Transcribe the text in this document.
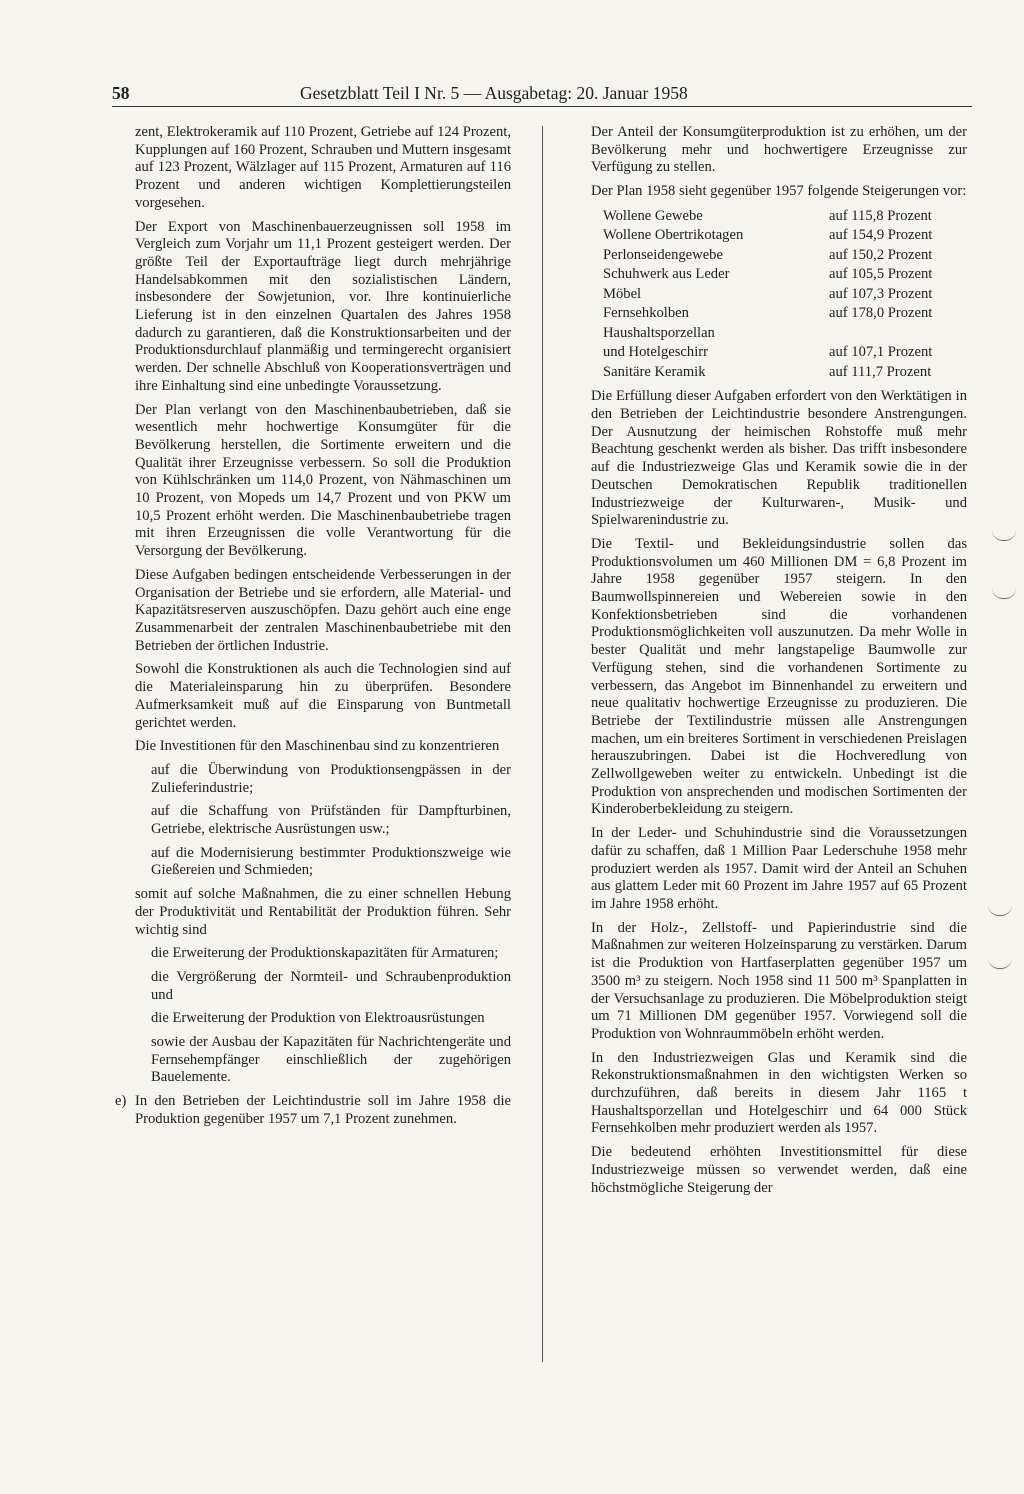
58	Gesetzblatt Teil I Nr. 5 — Ausgabetag: 20. Januar 1958

zent, Elektrokeramik auf 110 Prozent, Getriebe auf 124 Prozent, Kupplungen auf 160 Prozent, Schrauben und Muttern insgesamt auf 123 Prozent, Wälzlager auf 115 Prozent, Armaturen auf 116 Prozent und anderen wichtigen Komplettierungsteilen vorgesehen.

Der Export von Maschinenbauerzeugnissen soll 1958 im Vergleich zum Vorjahr um 11,1 Prozent gesteigert werden. Der größte Teil der Exportaufträge liegt durch mehrjährige Handelsabkommen mit den sozialistischen Ländern, insbesondere der Sowjetunion, vor. Ihre kontinuierliche Lieferung ist in den einzelnen Quartalen des Jahres 1958 dadurch zu garantieren, daß die Konstruktionsarbeiten und der Produktionsdurchlauf planmäßig und termingerecht organisiert werden. Der schnelle Abschluß von Kooperationsverträgen und ihre Einhaltung sind eine unbedingte Voraussetzung.

Der Plan verlangt von den Maschinenbaubetrieben, daß sie wesentlich mehr hochwertige Konsumgüter für die Bevölkerung herstellen, die Sortimente erweitern und die Qualität ihrer Erzeugnisse verbessern. So soll die Produktion von Kühlschränken um 114,0 Prozent, von Nähmaschinen um 10 Prozent, von Mopeds um 14,7 Prozent und von PKW um 10,5 Prozent erhöht werden. Die Maschinenbaubetriebe tragen mit ihren Erzeugnissen die volle Verantwortung für die Versorgung der Bevölkerung.

Diese Aufgaben bedingen entscheidende Verbesserungen in der Organisation der Betriebe und sie erfordern, alle Material- und Kapazitätsreserven auszuschöpfen. Dazu gehört auch eine enge Zusammenarbeit der zentralen Maschinenbaubetriebe mit den Betrieben der örtlichen Industrie.

Sowohl die Konstruktionen als auch die Technologien sind auf die Materialeinsparung hin zu überprüfen. Besondere Aufmerksamkeit muß auf die Einsparung von Buntmetall gerichtet werden.

Die Investitionen für den Maschinenbau sind zu konzentrieren

auf die Überwindung von Produktionsengpässen in der Zulieferindustrie;

auf die Schaffung von Prüfständen für Dampfturbinen, Getriebe, elektrische Ausrüstungen usw.;

auf die Modernisierung bestimmter Produktionszweige wie Gießereien und Schmieden;

somit auf solche Maßnahmen, die zu einer schnellen Hebung der Produktivität und Rentabilität der Produktion führen. Sehr wichtig sind

die Erweiterung der Produktionskapazitäten für Armaturen;

die Vergrößerung der Normteil- und Schraubenproduktion und

die Erweiterung der Produktion von Elektroausrüstungen

sowie der Ausbau der Kapazitäten für Nachrichtengeräte und Fernsehempfänger einschließlich der zugehörigen Bauelemente.

e) In den Betrieben der Leichtindustrie soll im Jahre 1958 die Produktion gegenüber 1957 um 7,1 Prozent zunehmen.

Der Anteil der Konsumgüterproduktion ist zu erhöhen, um der Bevölkerung mehr und hochwertigere Erzeugnisse zur Verfügung zu stellen.

Der Plan 1958 sieht gegenüber 1957 folgende Steigerungen vor:

Wollene Gewebe	auf 115,8 Prozent
Wollene Obertrikotagen	auf 154,9 Prozent
Perlonseidengewebe	auf 150,2 Prozent
Schuhwerk aus Leder	auf 105,5 Prozent
Möbel	auf 107,3 Prozent
Fernsehkolben	auf 178,0 Prozent
Haushaltsporzellan	
und Hotelgeschirr	auf 107,1 Prozent
Sanitäre Keramik	auf 111,7 Prozent

Die Erfüllung dieser Aufgaben erfordert von den Werktätigen in den Betrieben der Leichtindustrie besondere Anstrengungen. Der Ausnutzung der heimischen Rohstoffe muß mehr Beachtung geschenkt werden als bisher. Das trifft insbesondere auf die Industriezweige Glas und Keramik sowie die in der Deutschen Demokratischen Republik traditionellen Industriezweige der Kulturwaren-, Musik- und Spielwarenindustrie zu.

Die Textil- und Bekleidungsindustrie sollen das Produktionsvolumen um 460 Millionen DM = 6,8 Prozent im Jahre 1958 gegenüber 1957 steigern. In den Baumwollspinnereien und Webereien sowie in den Konfektionsbetrieben sind die vorhandenen Produktionsmöglichkeiten voll auszunutzen. Da mehr Wolle in bester Qualität und mehr langstapelige Baumwolle zur Verfügung stehen, sind die vorhandenen Sortimente zu verbessern, das Angebot im Binnenhandel zu erweitern und neue qualitativ hochwertige Erzeugnisse zu produzieren. Die Betriebe der Textilindustrie müssen alle Anstrengungen machen, um ein breiteres Sortiment in verschiedenen Preislagen herauszubringen. Dabei ist die Hochveredlung von Zellwollgeweben weiter zu entwickeln. Unbedingt ist die Produktion von ansprechenden und modischen Sortimenten der Kinderoberbekleidung zu steigern.

In der Leder- und Schuhindustrie sind die Voraussetzungen dafür zu schaffen, daß 1 Million Paar Lederschuhe 1958 mehr produziert werden als 1957. Damit wird der Anteil an Schuhen aus glattem Leder mit 60 Prozent im Jahre 1957 auf 65 Prozent im Jahre 1958 erhöht.

In der Holz-, Zellstoff- und Papierindustrie sind die Maßnahmen zur weiteren Holzeinsparung zu verstärken. Darum ist die Produktion von Hartfaserplatten gegenüber 1957 um 3500 m³ zu steigern. Noch 1958 sind 11 500 m³ Spanplatten in der Versuchsanlage zu produzieren. Die Möbelproduktion steigt um 71 Millionen DM gegenüber 1957. Vorwiegend soll die Produktion von Wohnraummöbeln erhöht werden.

In den Industriezweigen Glas und Keramik sind die Rekonstruktionsmaßnahmen in den wichtigsten Werken so durchzuführen, daß bereits in diesem Jahr 1165 t Haushaltsporzellan und Hotelgeschirr und 64 000 Stück Fernsehkolben mehr produziert werden als 1957.

Die bedeutend erhöhten Investitionsmittel für diese Industriezweige müssen so verwendet werden, daß eine höchstmögliche Steigerung der
